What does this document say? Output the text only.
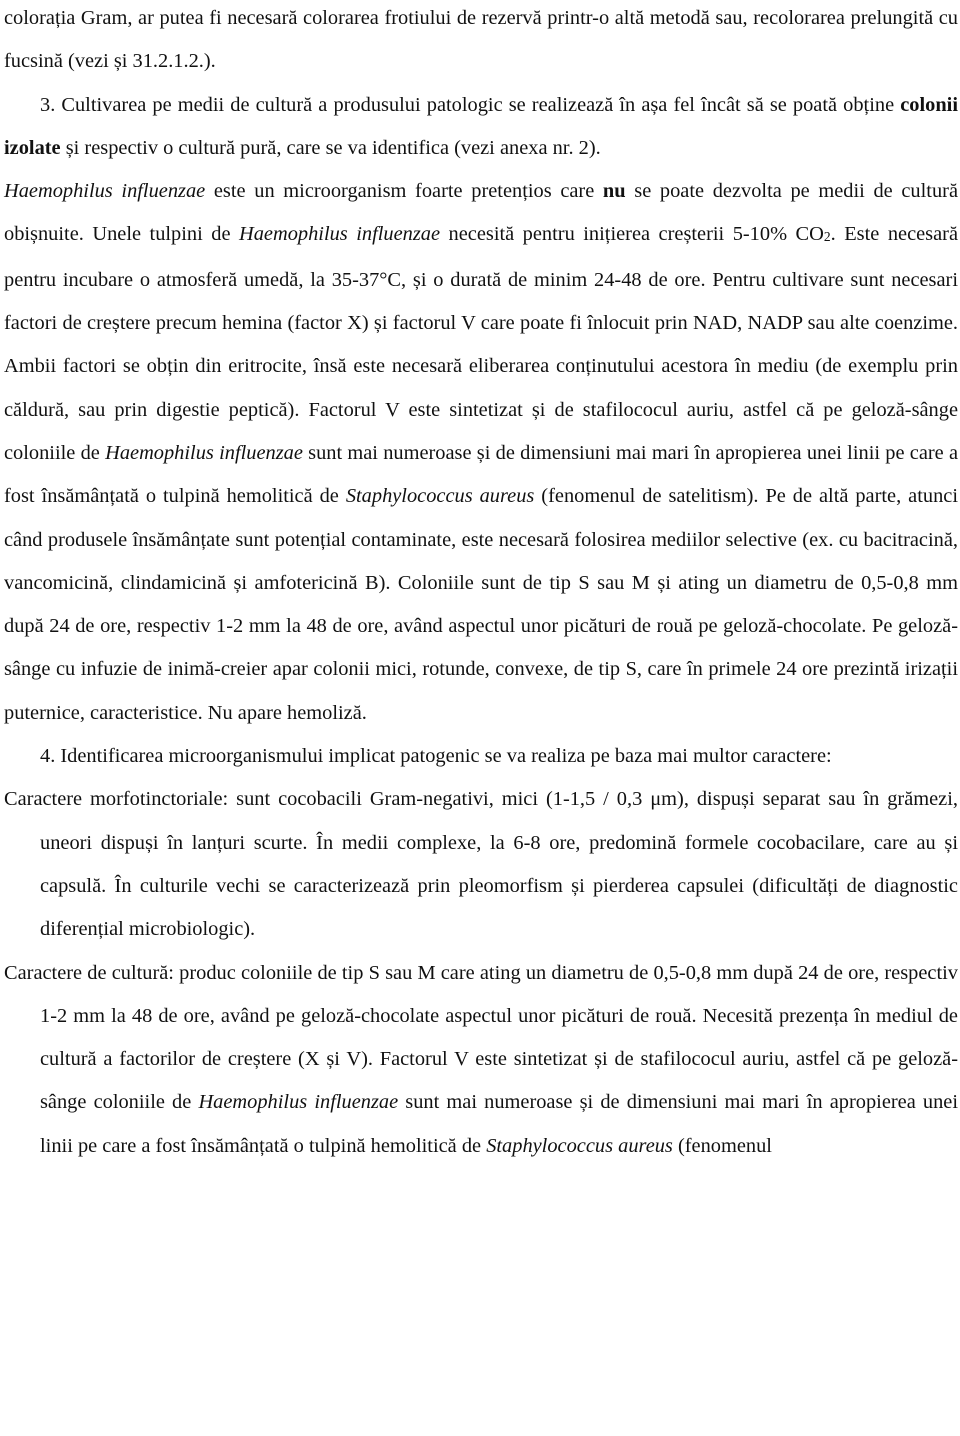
colorația Gram, ar putea fi necesară colorarea frotiului de rezervă printr-o altă metodă sau, recolorarea prelungită cu fucsină (vezi și 31.2.1.2.).

3. Cultivarea pe medii de cultură a produsului patologic se realizează în așa fel încât să se poată obține colonii izolate și respectiv o cultură pură, care se va identifica (vezi anexa nr. 2).

Haemophilus influenzae este un microorganism foarte pretențios care nu se poate dezvolta pe medii de cultură obișnuite. Unele tulpini de Haemophilus influenzae necesită pentru inițierea creșterii 5-10% $CO_2$. Este necesară pentru incubare o atmosferă umedă, la 35-37°C, și o durată de minim 24-48 de ore. Pentru cultivare sunt necesari factori de creștere precum hemina (factor X) și factorul V care poate fi înlocuit prin NAD, NADP sau alte coenzime. Ambii factori se obțin din eritrocite, însă este necesară eliberarea conținutului acestora în mediu (de exemplu prin căldură, sau prin digestie peptică). Factorul V este sintetizat și de stafilococul auriu, astfel că pe geloză-sânge coloniile de Haemophilus influenzae sunt mai numeroase și de dimensiuni mai mari în apropierea unei linii pe care a fost însămânțată o tulpină hemolitică de Staphylococcus aureus (fenomenul de satelitism). Pe de altă parte, atunci când produsele însămânțate sunt potențial contaminate, este necesară folosirea mediilor selective (ex. cu bacitracină, vancomicină, clindamicină și amfotericină B). Coloniile sunt de tip S sau M și ating un diametru de 0,5-0,8 mm după 24 de ore, respectiv 1-2 mm la 48 de ore, având aspectul unor picături de rouă pe geloză-chocolate. Pe geloză-sânge cu infuzie de inimă-creier apar colonii mici, rotunde, convexe, de tip S, care în primele 24 ore prezintă irizații puternice, caracteristice. Nu apare hemoliză.

4. Identificarea microorganismului implicat patogenic se va realiza pe baza mai multor caractere:

Caractere morfotinctoriale: sunt cocobacili Gram-negativi, mici (1-1,5 / 0,3 μm), dispuși separat sau în grămezi, uneori dispuși în lanțuri scurte. În medii complexe, la 6-8 ore, predomină formele cocobacilare, care au și capsulă. În culturile vechi se caracterizează prin pleomorfism și pierderea capsulei (dificultăți de diagnostic diferențial microbiologic).

Caractere de cultură: produc coloniile de tip S sau M care ating un diametru de 0,5-0,8 mm după 24 de ore, respectiv 1-2 mm la 48 de ore, având pe geloză-chocolate aspectul unor picături de rouă. Necesită prezența în mediul de cultură a factorilor de creștere (X și V). Factorul V este sintetizat și de stafilococul auriu, astfel că pe geloză-sânge coloniile de Haemophilus influenzae sunt mai numeroase și de dimensiuni mai mari în apropierea unei linii pe care a fost însămânțată o tulpină hemolitică de Staphylococcus aureus (fenomenul
